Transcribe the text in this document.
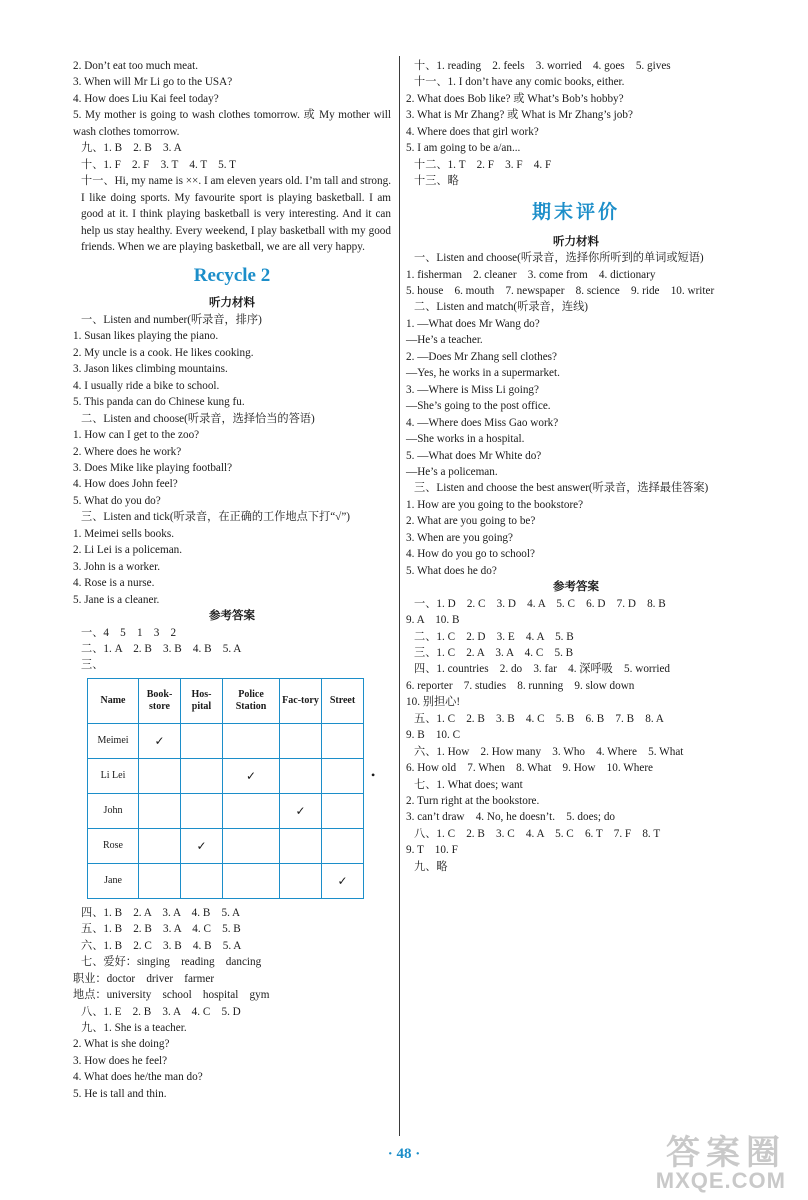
2. Don’t eat too much meat.
3. When will Mr Li go to the USA?
4. How does Liu Kai feel today?
5. My mother is going to wash clothes tomorrow. 或 My mother will wash clothes tomorrow.
九、1. B　2. B　3. A
十、1. F　2. F　3. T　4. T　5. T
十一、Hi, my name is ××. I am eleven years old. I’m tall and strong. I like doing sports. My favourite sport is playing basketball. I am good at it. I think playing basketball is very interesting. And it can help us stay healthy. Every weekend, I play basketball with my good friends. When we are playing basketball, we are all very happy.
Recycle 2
听力材料
一、Listen and number(听录音，排序)
1. Susan likes playing the piano.
2. My uncle is a cook. He likes cooking.
3. Jason likes climbing mountains.
4. I usually ride a bike to school.
5. This panda can do Chinese kung fu.
二、Listen and choose(听录音，选择恰当的答语)
1. How can I get to the zoo?
2. Where does he work?
3. Does Mike like playing football?
4. How does John feel?
5. What do you do?
三、Listen and tick(听录音，在正确的工作地点下打“√”)
1. Meimei sells books.
2. Li Lei is a policeman.
3. John is a worker.
4. Rose is a nurse.
5. Jane is a cleaner.
参考答案
一、4　5　1　3　2
二、1. A　2. B　3. B　4. B　5. A
三、
Name	Book-store	Hos-pital	Police Station	Fac-tory	Street
Meimei	✓				
Li Lei			✓		
John				✓	
Rose		✓			
Jane					✓
四、1. B　2. A　3. A　4. B　5. A
五、1. B　2. B　3. A　4. C　5. B
六、1. B　2. C　3. B　4. B　5. A
七、爱好：singing　reading　dancing
职业：doctor　driver　farmer
地点：university　school　hospital　gym
八、1. E　2. B　3. A　4. C　5. D
九、1. She is a teacher.
2. What is she doing?
3. How does he feel?
4. What does he/the man do?
5. He is tall and thin.
•
十、1. reading　2. feels　3. worried　4. goes　5. gives
十一、1. I don’t have any comic books, either.
2. What does Bob like? 或 What’s Bob’s hobby?
3. What is Mr Zhang? 或 What is Mr Zhang’s job?
4. Where does that girl work?
5. I am going to be a/an...
十二、1. T　2. F　3. F　4. F
十三、略
期末评价
听力材料
一、Listen and choose(听录音，选择你所听到的单词或短语)
1. fisherman　2. cleaner　3. come from　4. dictionary
5. house　6. mouth　7. newspaper　8. science　9. ride　10. writer
二、Listen and match(听录音，连线)
1. —What does Mr Wang do?
—He’s a teacher.
2. —Does Mr Zhang sell clothes?
—Yes, he works in a supermarket.
3. —Where is Miss Li going?
—She’s going to the post office.
4. —Where does Miss Gao work?
—She works in a hospital.
5. —What does Mr White do?
—He’s a policeman.
三、Listen and choose the best answer(听录音，选择最佳答案)
1. How are you going to the bookstore?
2. What are you going to be?
3. When are you going?
4. How do you go to school?
5. What does he do?
参考答案
一、1. D　2. C　3. D　4. A　5. C　6. D　7. D　8. B
9. A　10. B
二、1. C　2. D　3. E　4. A　5. B
三、1. C　2. A　3. A　4. C　5. B
四、1. countries　2. do　3. far　4. 深呼吸　5. worried
6. reporter　7. studies　8. running　9. slow down
10. 别担心!
五、1. C　2. B　3. B　4. C　5. B　6. B　7. B　8. A
9. B　10. C
六、1. How　2. How many　3. Who　4. Where　5. What
6. How old　7. When　8. What　9. How　10. Where
七、1. What does; want
2. Turn right at the bookstore.
3. can’t draw　4. No, he doesn’t.　5. does; do
八、1. C　2. B　3. C　4. A　5. C　6. T　7. F　8. T
9. T　10. F
九、略
· 48 ·	答案圈
MXQE.COM
